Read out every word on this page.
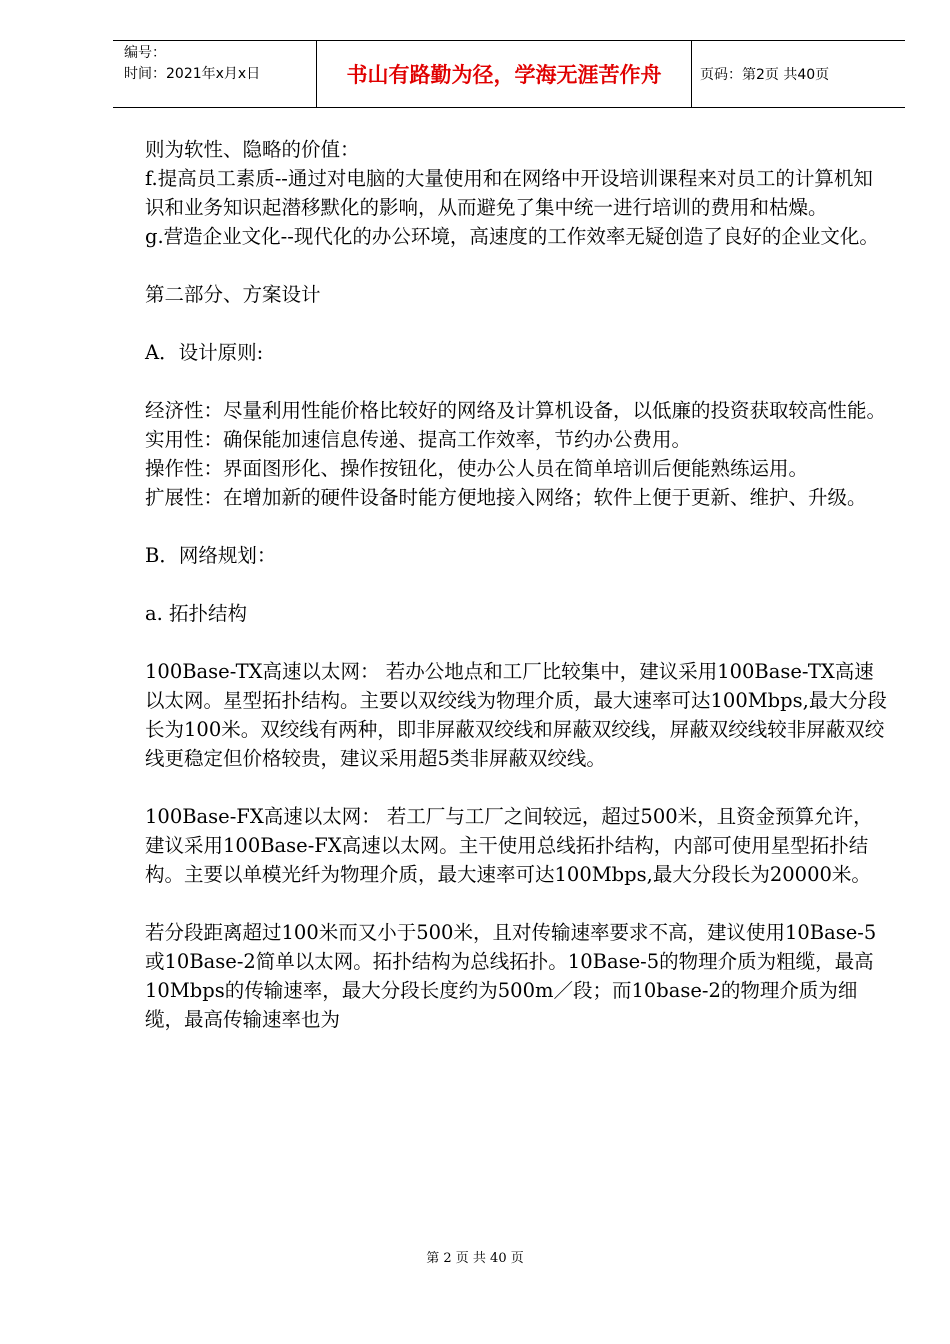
编号：
时间：2021年x月x日	书山有路勤为径，学海无涯苦作舟	页码：第2页 共40页

则为软性、隐略的价值：

f.提高员工素质--通过对电脑的大量使用和在网络中开设培训课程来对员工的计算机知识和业务知识起潜移默化的影响，从而避免了集中统一进行培训的费用和枯燥。

g.营造企业文化--现代化的办公环境，高速度的工作效率无疑创造了良好的企业文化。

第二部分、方案设计

A．设计原则:

经济性：尽量利用性能价格比较好的网络及计算机设备，以低廉的投资获取较高性能。

实用性：确保能加速信息传递、提高工作效率，节约办公费用。

操作性：界面图形化、操作按钮化，使办公人员在简单培训后便能熟练运用。

扩展性：在增加新的硬件设备时能方便地接入网络；软件上便于更新、维护、升级。

B．网络规划：

a. 拓扑结构

100Base-TX高速以太网： 若办公地点和工厂比较集中，建议采用100Base-TX高速以太网。星型拓扑结构。主要以双绞线为物理介质，最大速率可达100Mbps,最大分段长为100米。双绞线有两种，即非屏蔽双绞线和屏蔽双绞线，屏蔽双绞线较非屏蔽双绞线更稳定但价格较贵，建议采用超5类非屏蔽双绞线。

100Base-FX高速以太网： 若工厂与工厂之间较远，超过500米，且资金预算允许，建议采用100Base-FX高速以太网。主干使用总线拓扑结构，内部可使用星型拓扑结构。主要以单模光纤为物理介质，最大速率可达100Mbps,最大分段长为20000米。

若分段距离超过100米而又小于500米，且对传输速率要求不高，建议使用10Base-5或10Base-2简单以太网。拓扑结构为总线拓扑。10Base-5的物理介质为粗缆，最高10Mbps的传输速率，最大分段长度约为500m／段；而10base-2的物理介质为细缆，最高传输速率也为

第 2 页 共 40 页
